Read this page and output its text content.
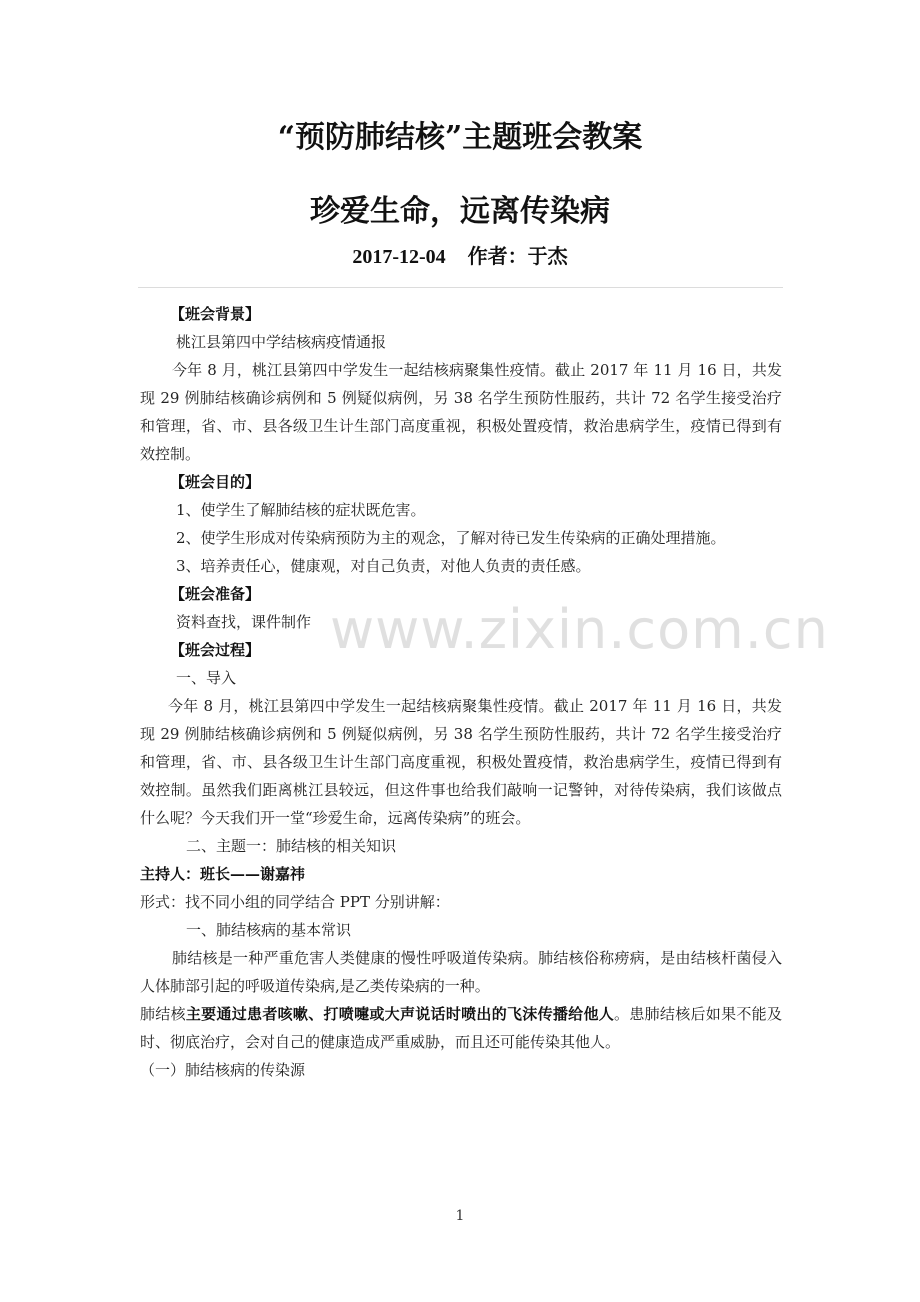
“预防肺结核”主题班会教案
珍爱生命，远离传染病
2017-12-04 作者：于杰

【班会背景】

桃江县第四中学结核病疫情通报

今年 8 月，桃江县第四中学发生一起结核病聚集性疫情。截止 2017 年 11 月 16 日，共发现 29 例肺结核确诊病例和 5 例疑似病例，另 38 名学生预防性服药，共计 72 名学生接受治疗和管理，省、市、县各级卫生计生部门高度重视，积极处置疫情，救治患病学生，疫情已得到有效控制。

【班会目的】

1、使学生了解肺结核的症状既危害。

2、使学生形成对传染病预防为主的观念，了解对待已发生传染病的正确处理措施。

3、培养责任心，健康观，对自己负责，对他人负责的责任感。

【班会准备】

资料查找，课件制作

【班会过程】

一、导入

今年 8 月，桃江县第四中学发生一起结核病聚集性疫情。截止 2017 年 11 月 16 日，共发现 29 例肺结核确诊病例和 5 例疑似病例，另 38 名学生预防性服药，共计 72 名学生接受治疗和管理，省、市、县各级卫生计生部门高度重视，积极处置疫情，救治患病学生，疫情已得到有效控制。虽然我们距离桃江县较远，但这件事也给我们敲响一记警钟，对待传染病，我们该做点什么呢？今天我们开一堂“珍爱生命，远离传染病”的班会。

二、主题一：肺结核的相关知识

主持人：班长——谢嘉祎

形式：找不同小组的同学结合 PPT 分别讲解：

一、肺结核病的基本常识

肺结核是一种严重危害人类健康的慢性呼吸道传染病。肺结核俗称痨病，是由结核杆菌侵入人体肺部引起的呼吸道传染病,是乙类传染病的一种。

肺结核主要通过患者咳嗽、打喷嚏或大声说话时喷出的飞沫传播给他人。患肺结核后如果不能及时、彻底治疗，会对自己的健康造成严重威胁，而且还可能传染其他人。

（一）肺结核病的传染源

www.zixin.com.cn
1
